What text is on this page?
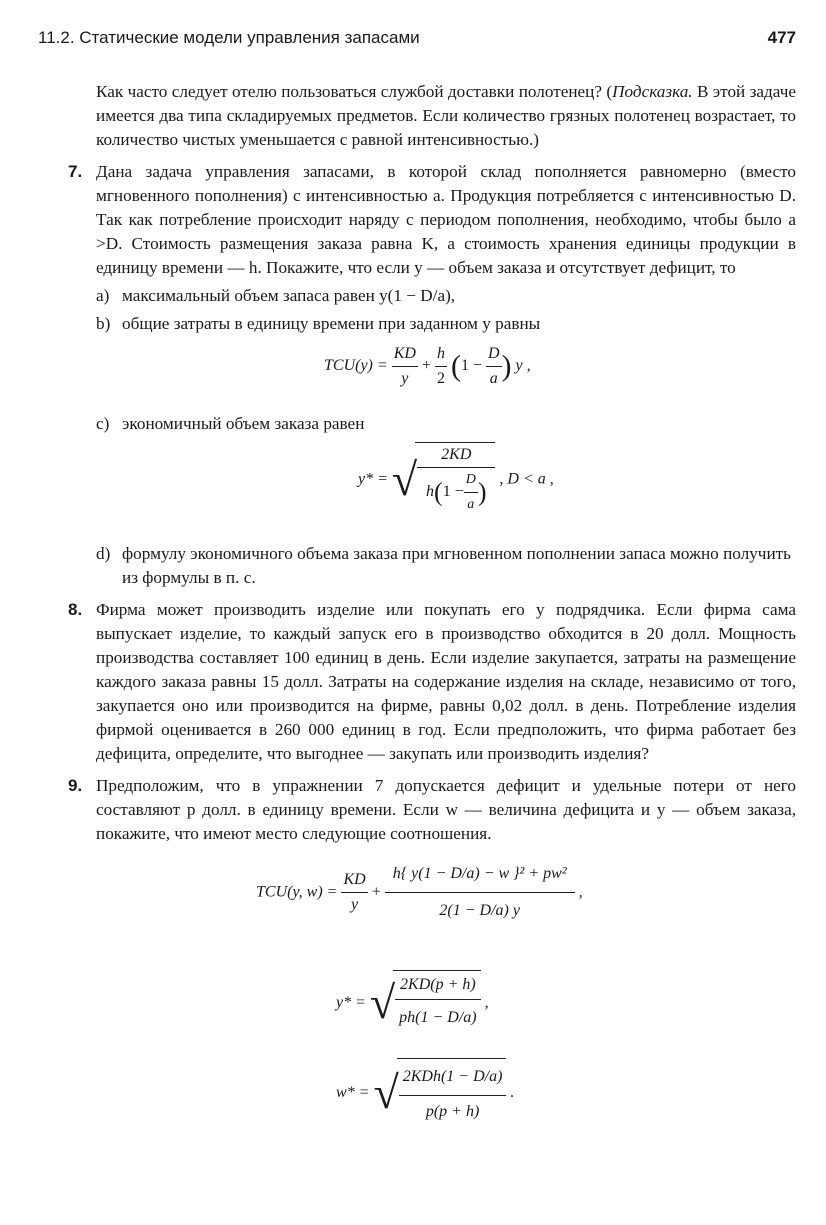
11.2. Статические модели управления запасами	477

Как часто следует отелю пользоваться службой доставки полотенец? (Подсказка. В этой задаче имеется два типа складируемых предметов. Если количество грязных полотенец возрастает, то количество чистых уменьшается с равной интенсивностью.)

7. Дана задача управления запасами, в которой склад пополняется равномерно (вместо мгновенного пополнения) с интенсивностью a. Продукция потребляется с интенсивностью D. Так как потребление происходит наряду с периодом пополнения, необходимо, чтобы было a >D. Стоимость размещения заказа равна K, а стоимость хранения единицы продукции в единицу времени — h. Покажите, что если y — объем заказа и отсутствует дефицит, то

a) максимальный объем запаса равен y(1 − D/a),
b) общие затраты в единицу времени при заданном y равны
$TCU(y) = \frac{KD}{y} + \frac{h}{2} (1 - \frac{D}{a}$ ) y ,
c) экономичный объем заказа равен
y* = √ $\frac{2KD}{h(1 - \frac{D}{a} )}$ , D < a ,
d) формулу экономичного объема заказа при мгновенном пополнении запаса можно получить из формулы в п. c.
8. Фирма может производить изделие или покупать его у подрядчика. Если фирма сама выпускает изделие, то каждый запуск его в производство обходится в 20 долл. Мощность производства составляет 100 единиц в день. Если изделие закупается, затраты на размещение каждого заказа равны 15 долл. Затраты на содержание изделия на складе, независимо от того, закупается оно или производится на фирме, равны 0,02 долл. в день. Потребление изделия фирмой оценивается в 260 000 единиц в год. Если предположить, что фирма работает без дефицита, определите, что выгоднее — закупать или производить изделия?

9. Предположим, что в упражнении 7 допускается дефицит и удельные потери от него составляют p долл. в единицу времени. Если w — величина дефицита и y — объем заказа, покажите, что имеют место следующие соотношения.

TCU(y, $w) = \frac{KD}{y} + \frac{\text{h\{ y(1 − D/a) − w \}² + pw²}}{2(1 - D/a) y}$ ,
y* = √ $\frac{2KD(p + h)}{ph(1 - D/a)}$ ,
w* = √ $\frac{\text{2KDh(1 − D/a)}}{p(p + h)}$ .
